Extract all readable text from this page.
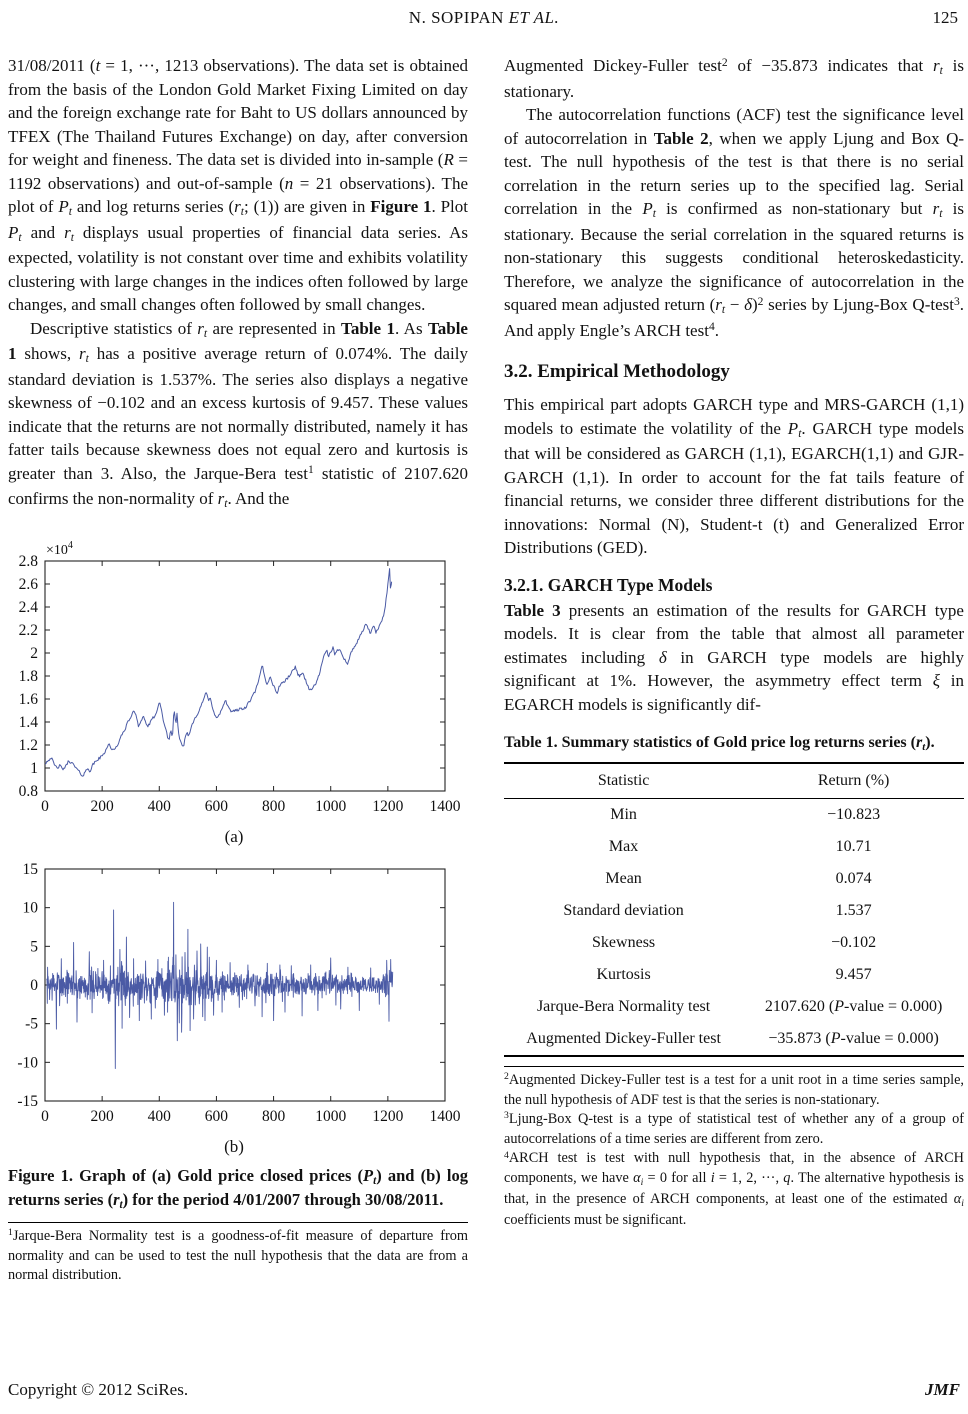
N. SOPIPAN ET AL.	125

31/08/2011 (t = 1, ···, 1213 observations). The data set is obtained from the basis of the London Gold Market Fixing Limited on day and the foreign exchange rate for Baht to US dollars announced by TFEX (The Thailand Futures Exchange) on day, after conversion for weight and fineness. The data set is divided into in-sample (R = 1192 observations) and out-of-sample (n = 21 observations). The plot of Pt and log returns series (rt; (1)) are given in Figure 1. Plot Pt and rt displays usual properties of financial data series. As expected, volatility is not constant over time and exhibits volatility clustering with large changes in the indices often followed by large changes, and small changes often followed by small changes.

Descriptive statistics of rt are represented in Table 1. As Table 1 shows, rt has a positive average return of 0.074%. The daily standard deviation is 1.537%. The series also displays a negative skewness of −0.102 and an excess kurtosis of 9.457. These values indicate that the returns are not normally distributed, namely it has fatter tails because skewness does not equal zero and kurtosis is greater than 3. Also, the Jarque-Bera test$^1$ statistic of 2107.620 confirms the non-normality of rt. And the

0	200 400 600 800 1000 1200 1400
0.8
1
1.2
1.4
1.6
1.8
2
2.2
2.4
2.6
2.8
$\times 10^4$
(a)
0	200 400 600 800 1000 1200 1400
-15
-10
-5
0
5
10
15
(b)
Figure 1. Graph of (a) Gold price closed prices (Pt) and (b) log returns series (rt) for the period 4/01/2007 through 30/08/2011.
$^1$Jarque-Bera Normality test is a goodness-of-fit measure of departure from normality and can be used to test the null hypothesis that the data are from a normal distribution.

Augmented Dickey-Fuller test$^2$ of −35.873 indicates that rt is stationary.

The autocorrelation functions (ACF) test the significance level of autocorrelation in Table 2, when we apply Ljung and Box Q-test. The null hypothesis of the test is that there is no serial correlation in the return series up to the specified lag. Serial correlation in the Pt is confirmed as non-stationary but rt is stationary. Because the serial correlation in the squared returns is non-stationary this suggests conditional heteroskedasticity. Therefore, we analyze the significance of autocorrelation in the squared mean adjusted return (rt − δ)$^2$ series by Ljung-Box Q-test$^3$. And apply Engle’s ARCH test$^4$.

3.2. Empirical Methodology

This empirical part adopts GARCH type and MRS-GARCH (1,1) models to estimate the volatility of the Pt. GARCH type models that will be considered as GARCH (1,1), EGARCH(1,1) and GJR-GARCH (1,1). In order to account for the fat tails feature of financial returns, we consider three different distributions for the innovations: Normal (N), Student-t (t) and Generalized Error Distributions (GED).

3.2.1. GARCH Type Models

Table 3 presents an estimation of the results for GARCH type models. It is clear from the table that almost all parameter estimates including δ in GARCH type models are highly significant at 1%. However, the asymmetry effect term ξ in EGARCH models is significantly dif-

Table 1. Summary statistics of Gold price log returns series (rt).
Statistic	Return (%)
Min	−10.823
Max	10.71
Mean	0.074
Standard deviation	1.537
Skewness	−0.102
Kurtosis	9.457
Jarque-Bera Normality test	2107.620 (P-value = 0.000)
Augmented Dickey-Fuller test	−35.873 (P-value = 0.000)
$^2$Augmented Dickey-Fuller test is a test for a unit root in a time series sample, the null hypothesis of ADF test is that the series is non-stationary.
$^3$Ljung-Box Q-test is a type of statistical test of whether any of a group of autocorrelations of a time series are different from zero.
$^4$ARCH test is test with null hypothesis that, in the absence of ARCH components, we have αi = 0 for all i = 1, 2, ···, q. The alternative hypothesis is that, in the presence of ARCH components, at least one of the estimated αi coefficients must be significant.
Copyright © 2012 SciRes.	JMF
